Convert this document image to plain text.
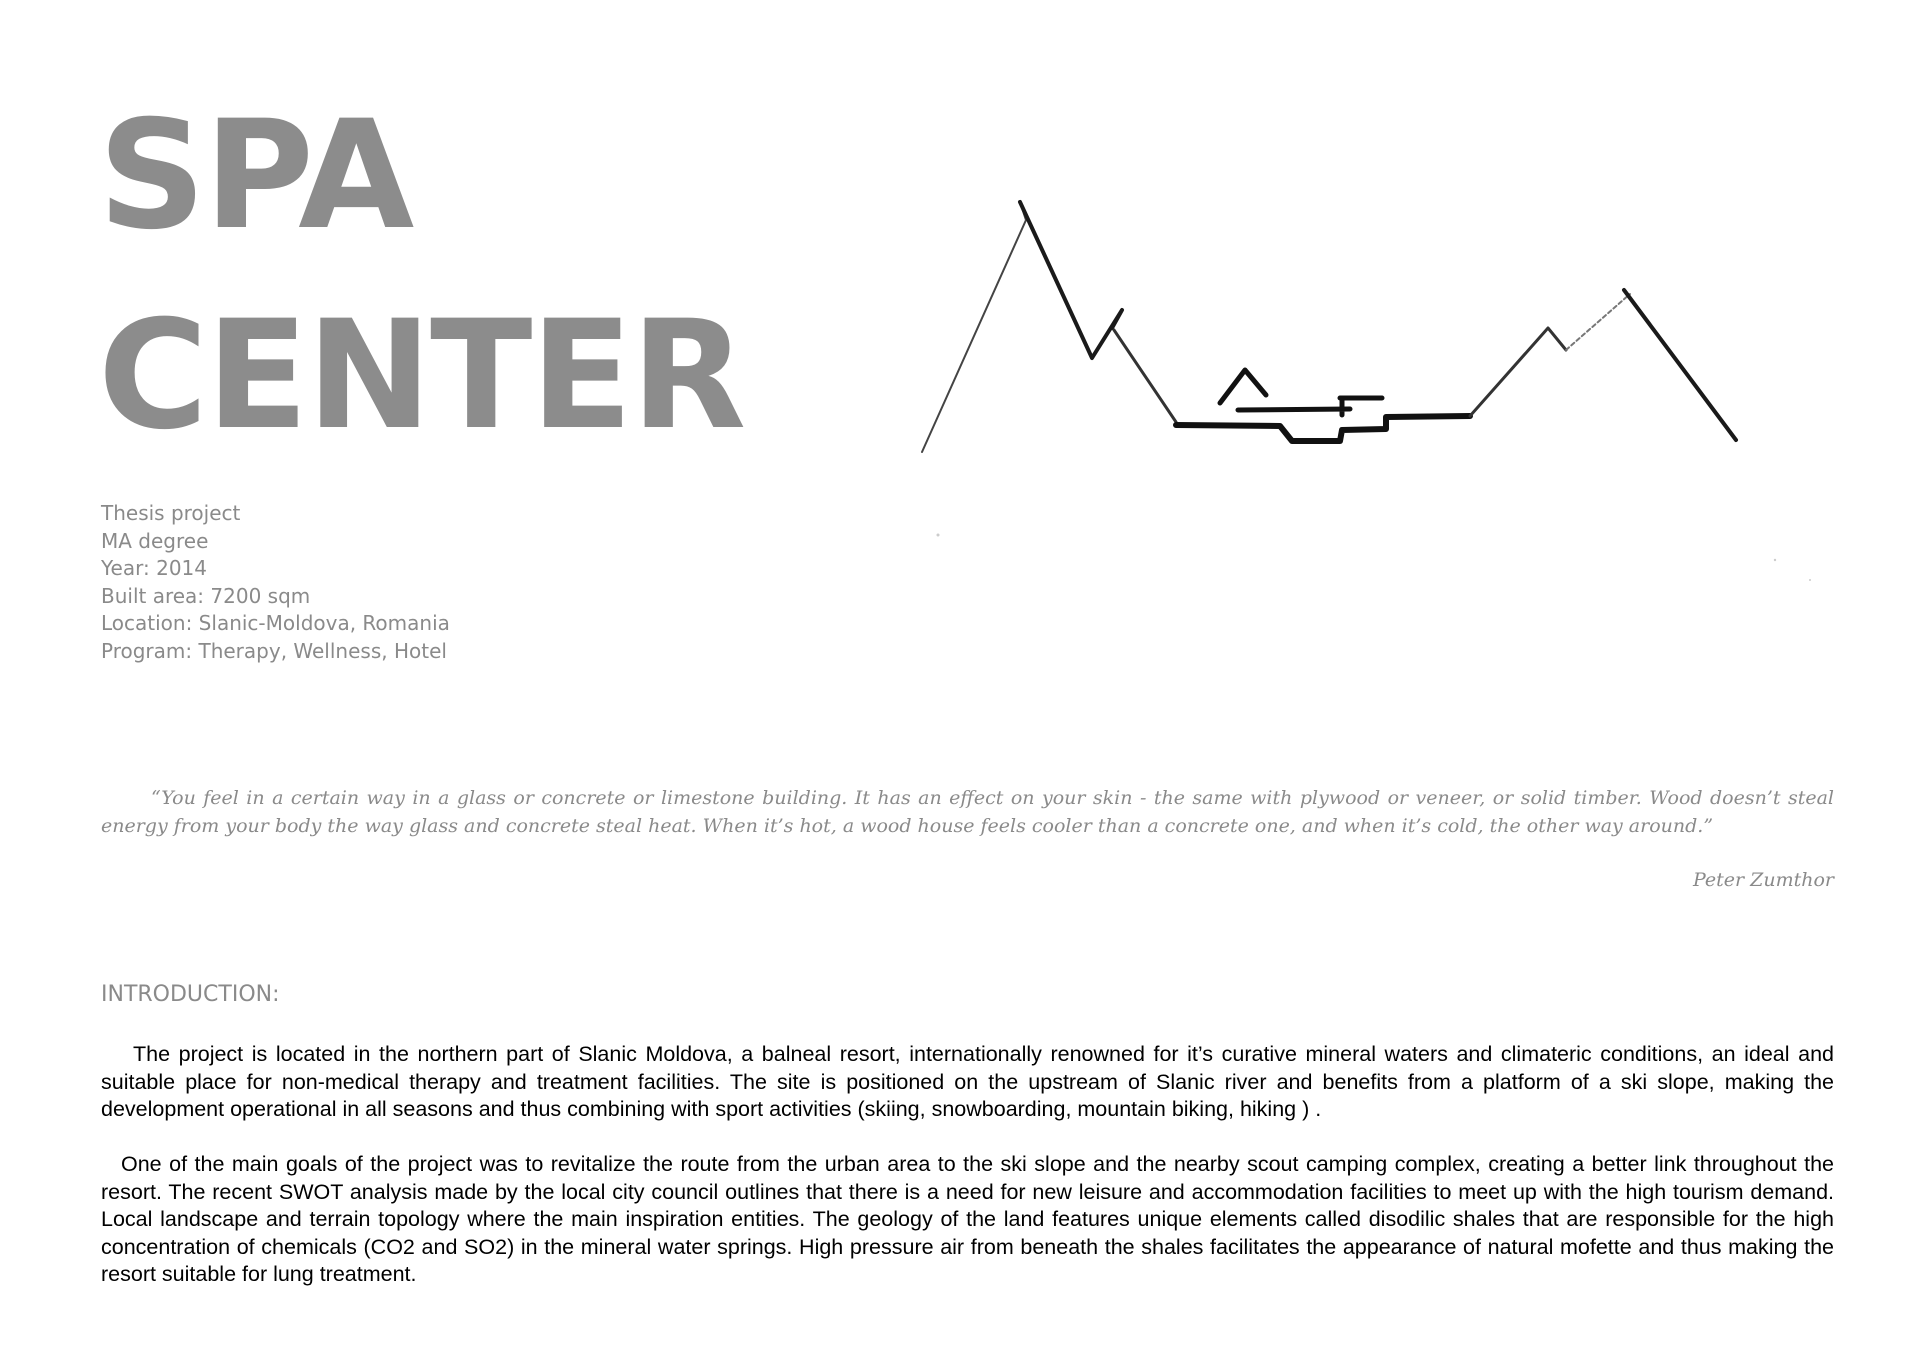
SPA
CENTER
Thesis project
MA degree
Year: 2014
Built area: 7200 sqm
Location: Slanic-Moldova, Romania
Program: Therapy, Wellness, Hotel

“You feel in a certain way in a glass or concrete or limestone building. It has an effect on your skin - the same with plywood or veneer, or solid timber. Wood doesn’t steal energy from your body the way glass and concrete steal heat. When it’s hot, a wood house feels cooler than a concrete one, and when it’s cold, the other way around.”

Peter Zumthor
INTRODUCTION:

The project is located in the northern part of Slanic Moldova, a balneal resort, internationally renowned for it’s curative mineral waters and climateric conditions, an ideal and suitable place for non-medical therapy and treatment facilities. The site is positioned on the upstream of Slanic river and benefits from a platform of a ski slope, making the development operational in all seasons and thus combining with sport activities (skiing, snowboarding, mountain biking, hiking ) .

One of the main goals of the project was to revitalize the route from the urban area to the ski slope and the nearby scout camping complex, creating a better link throughout the resort. The recent SWOT analysis made by the local city council outlines that there is a need for new leisure and accommodation facilities to meet up with the high tourism demand. Local landscape and terrain topology where the main inspiration entities. The geology of the land features unique elements called disodilic shales that are responsible for the high concentration of chemicals (CO2 and SO2) in the mineral water springs. High pressure air from beneath the shales facilitates the appearance of natural mofette and thus making the resort suitable for lung treatment.
